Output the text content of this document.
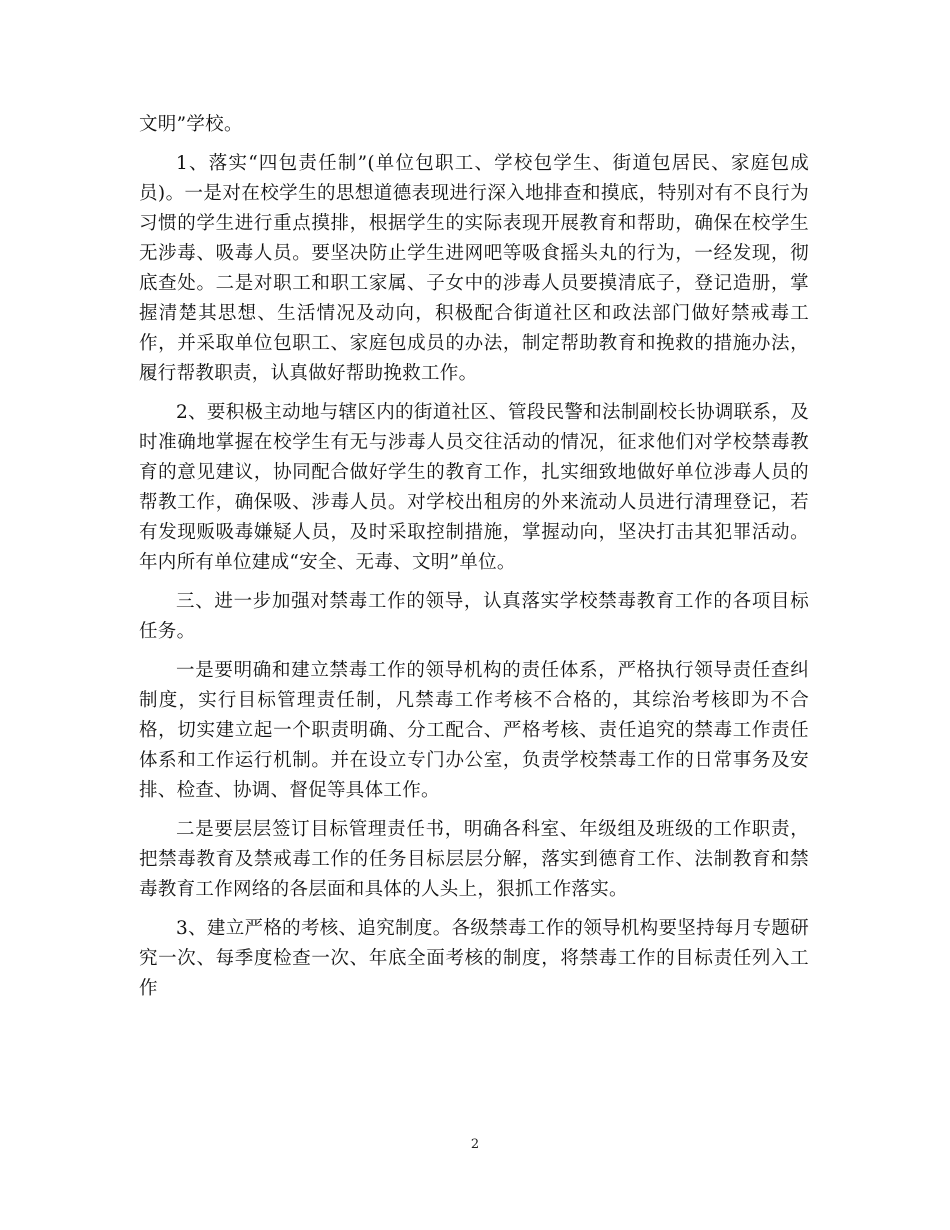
文明”学校。

1、落实“四包责任制”(单位包职工、学校包学生、街道包居民、家庭包成员)。一是对在校学生的思想道德表现进行深入地排查和摸底，特别对有不良行为习惯的学生进行重点摸排，根据学生的实际表现开展教育和帮助，确保在校学生无涉毒、吸毒人员。要坚决防止学生进网吧等吸食摇头丸的行为，一经发现，彻底查处。二是对职工和职工家属、子女中的涉毒人员要摸清底子，登记造册，掌握清楚其思想、生活情况及动向，积极配合街道社区和政法部门做好禁戒毒工作，并采取单位包职工、家庭包成员的办法，制定帮助教育和挽救的措施办法，履行帮教职责，认真做好帮助挽救工作。

2、要积极主动地与辖区内的街道社区、管段民警和法制副校长协调联系，及时准确地掌握在校学生有无与涉毒人员交往活动的情况，征求他们对学校禁毒教育的意见建议，协同配合做好学生的教育工作，扎实细致地做好单位涉毒人员的帮教工作，确保吸、涉毒人员。对学校出租房的外来流动人员进行清理登记，若有发现贩吸毒嫌疑人员，及时采取控制措施，掌握动向，坚决打击其犯罪活动。年内所有单位建成“安全、无毒、文明”单位。

三、进一步加强对禁毒工作的领导，认真落实学校禁毒教育工作的各项目标任务。

一是要明确和建立禁毒工作的领导机构的责任体系，严格执行领导责任查纠制度，实行目标管理责任制，凡禁毒工作考核不合格的，其综治考核即为不合格，切实建立起一个职责明确、分工配合、严格考核、责任追究的禁毒工作责任体系和工作运行机制。并在设立专门办公室，负责学校禁毒工作的日常事务及安排、检查、协调、督促等具体工作。

二是要层层签订目标管理责任书，明确各科室、年级组及班级的工作职责，把禁毒教育及禁戒毒工作的任务目标层层分解，落实到德育工作、法制教育和禁毒教育工作网络的各层面和具体的人头上，狠抓工作落实。

3、建立严格的考核、追究制度。各级禁毒工作的领导机构要坚持每月专题研究一次、每季度检查一次、年底全面考核的制度，将禁毒工作的目标责任列入工作

2
